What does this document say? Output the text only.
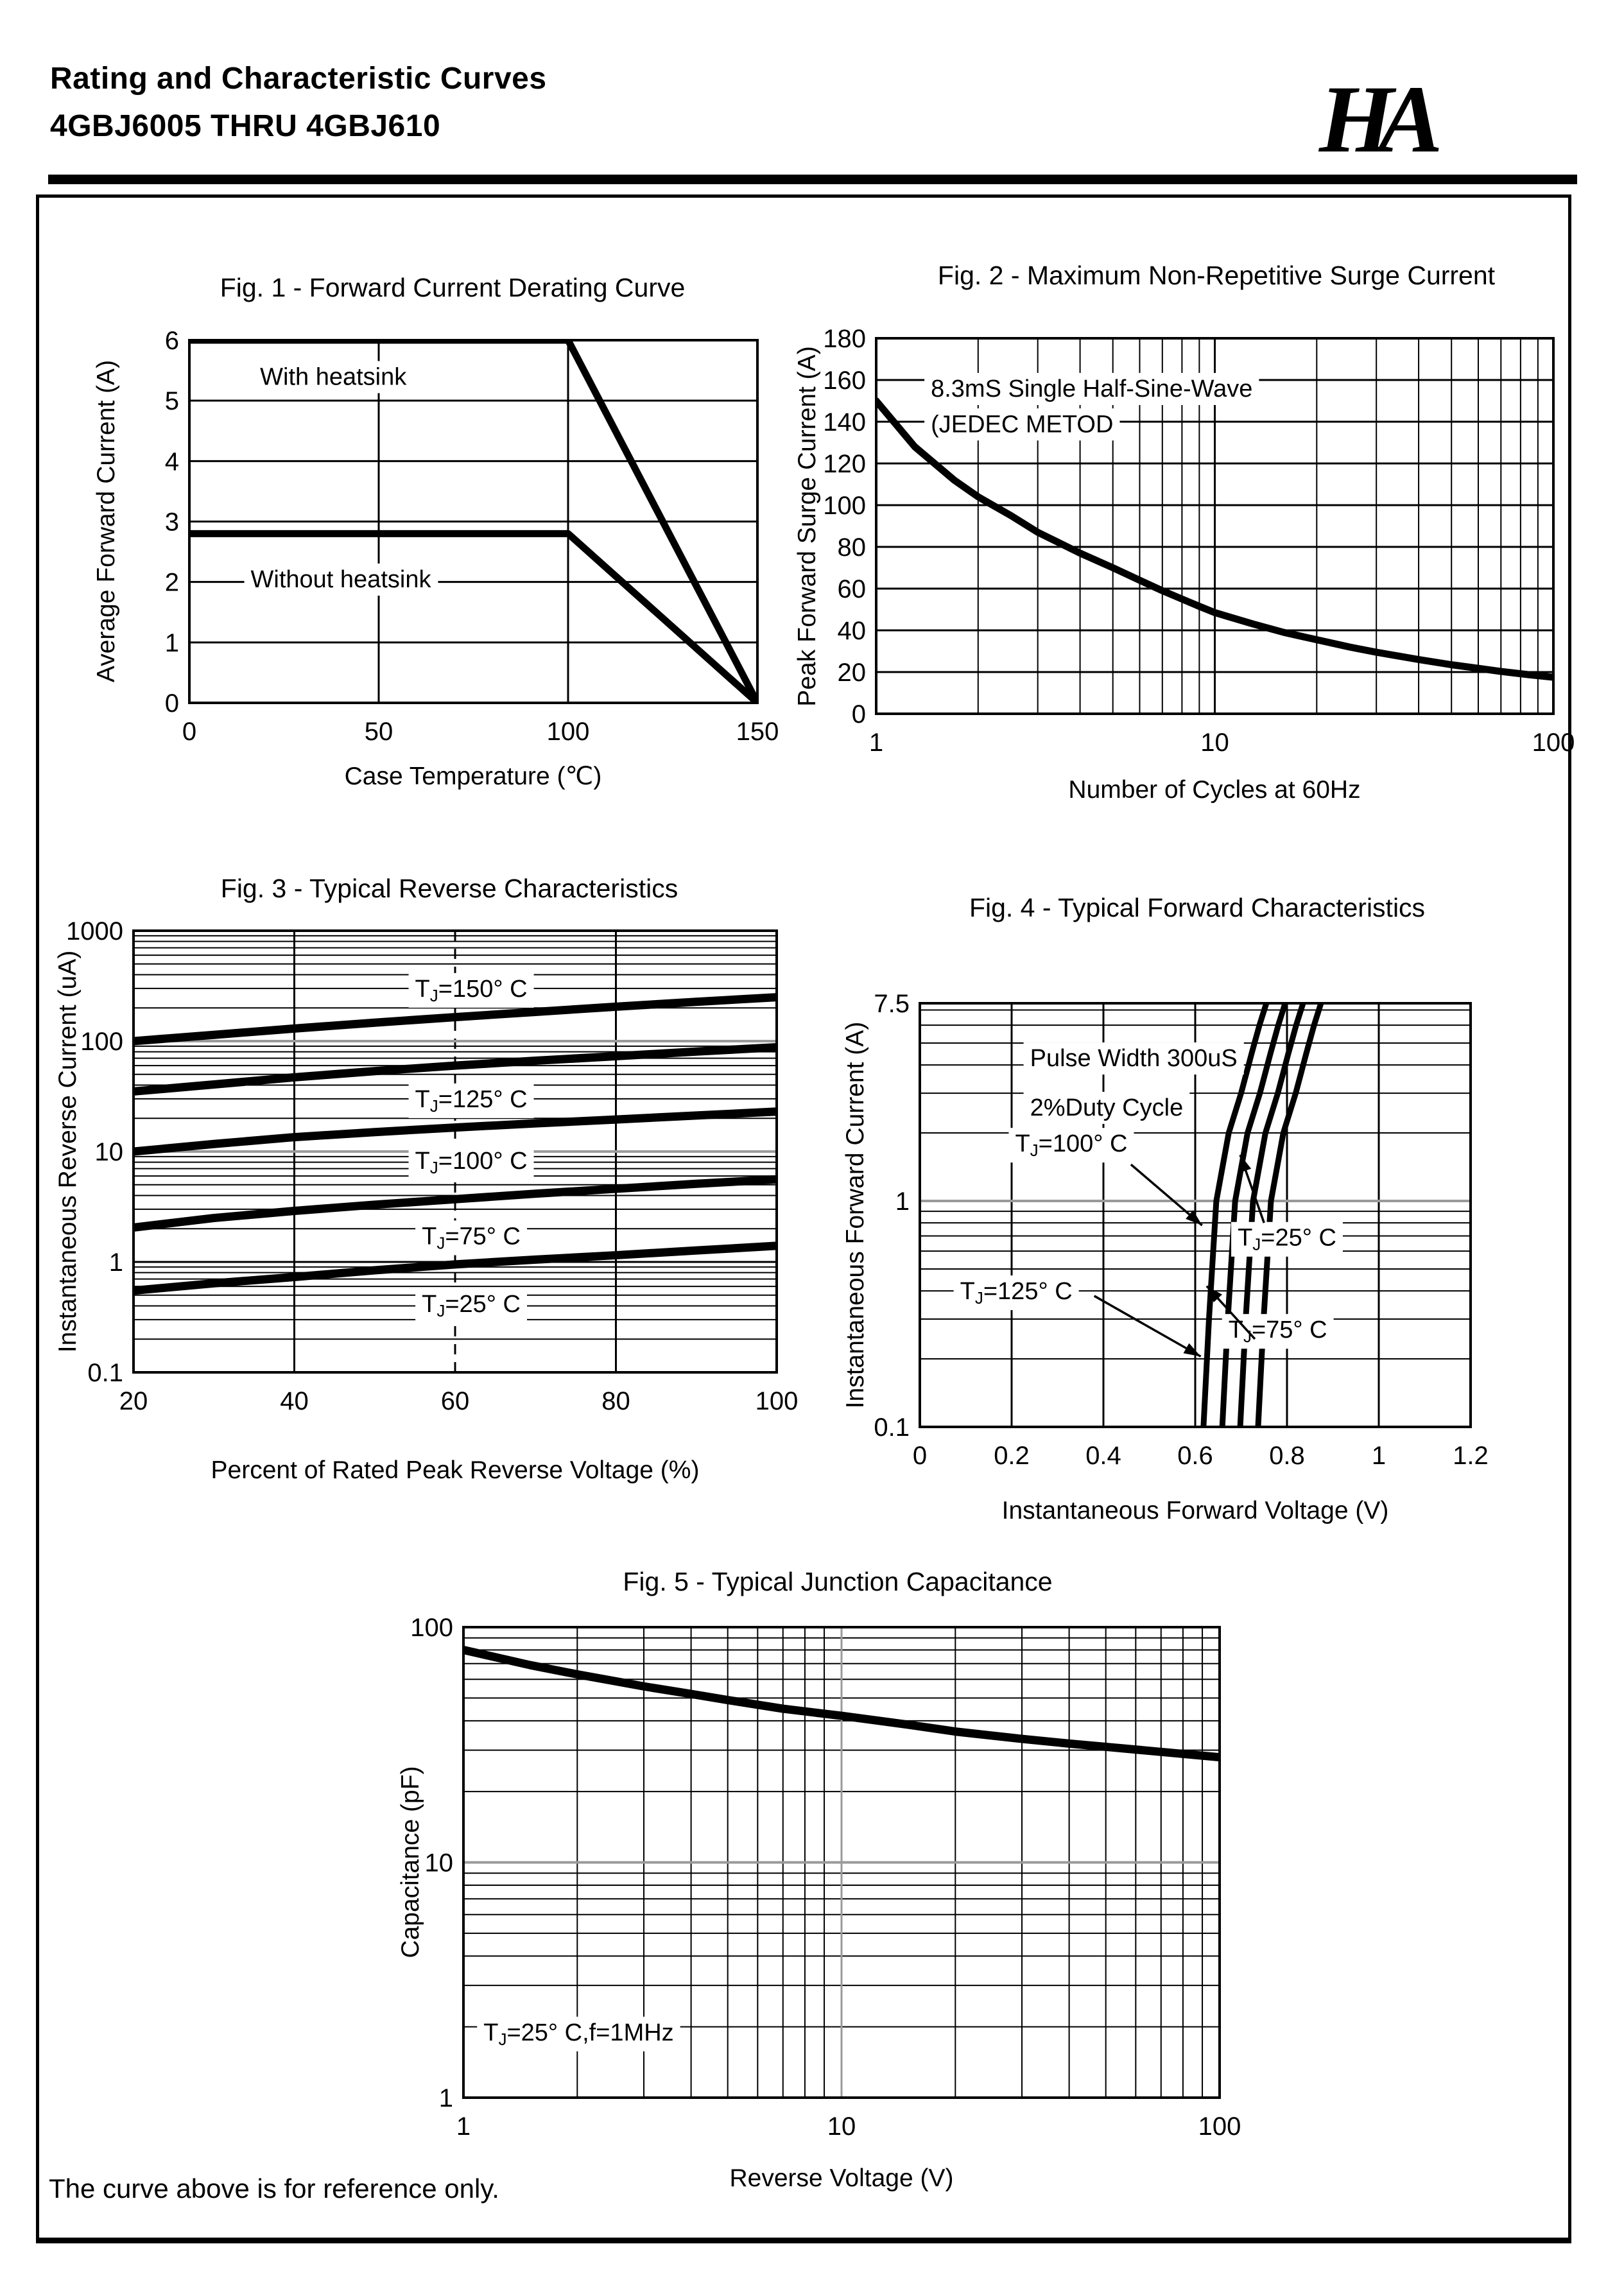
Rating and Characteristic Curves
4GBJ6005 THRU 4GBJ610	HA
With heatsink
Without heatsink
0	50	100	150
6
5
4
3
2
1
0
Fig. 1 - Forward Current Derating Curve
Case Temperature (℃)
Average Forward Current (A)	8.3mS Single Half-Sine-Wave
(JEDEC METOD
1	10	100
180
160
140
120
100
80
60
40
20
0
Fig. 2 - Maximum Non-Repetitive Surge Current
Number of Cycles at 60Hz
Peak Forward Surge Current (A)
TJ=150° C
TJ=125° C
TJ=100° C
TJ=75° C
TJ=25° C
20	40	60	80	100
1000
100
10
1
0.1
Fig. 3 - Typical Reverse Characteristics
Percent of Rated Peak Reverse Voltage (%)
Instantaneous Reverse Current (uA)	Pulse Width 300uS
2%Duty Cycle
TJ=100° C
TJ=25° C
TJ=125° C
TJ=75° C
0	0.2 0.4 0.6 0.8	1	1.2
7.5
1
0.1
Fig. 4 - Typical Forward Characteristics
Instantaneous Forward Voltage (V)
Instantaneous Forward Current (A)
TJ=25° C,f=1MHz
1	10	100
100
10
1
Fig. 5 - Typical Junction Capacitance
Reverse Voltage (V)
Capacitance (pF)
The curve above is for reference only.
